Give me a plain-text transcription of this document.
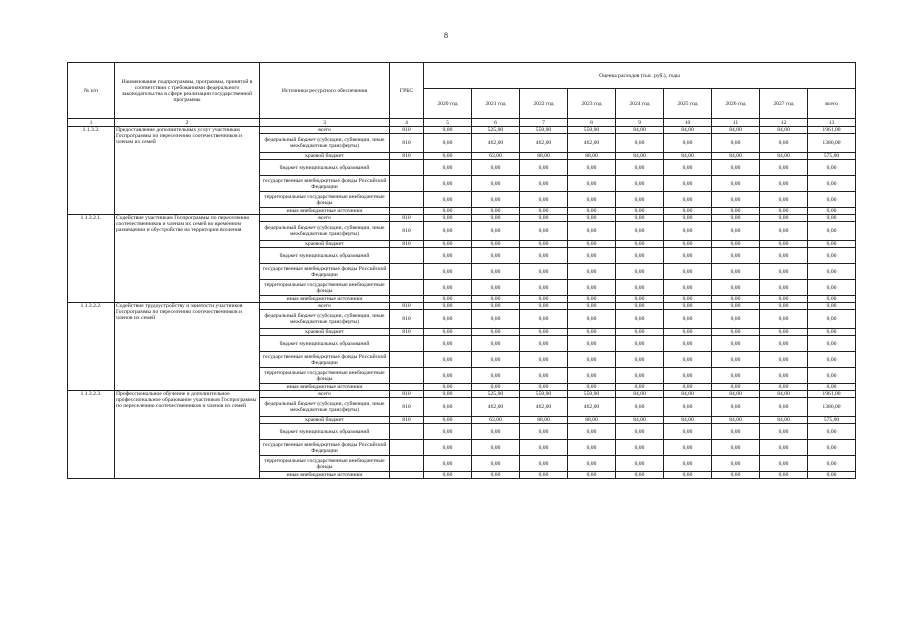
8
№ п/п	Наименование подпрограммы, программы, принятой в соответствии с требованиями федерального законодательства в сфере реализации государственной программы	Источники ресурсного обеспечения	ГРБС	Оценка расходов (тыс. руб.), годы								
				2020 год	2021 год	2022 год	2023 год	2024 год	2025 год	2026 год	2027 год	всего
1	2	3	4	5	6	7	8	9	10	11	12	13
1.1.3.2.	Предоставление дополнительных услуг участникам Госпрограммы по переселению соотечественников и членам их семей	всего	810	0,00	525,00	550,00	550,00	84,00	84,00	84,00	84,00	1961,00
		федеральный бюджет (субсидии, субвенции, иные межбюджетные трансферты)	810	0,00	462,00	462,00	462,00	0,00	0,00	0,00	0,00	1386,00
		краевой бюджет	810	0,00	63,00	88,00	88,00	84,00	84,00	84,00	84,00	575,00
		бюджет муниципальных образований		0,00	0,00	0,00	0,00	0,00	0,00	0,00	0,00	0,00
		государственные внебюджетные фонды Российской Федерации		0,00	0,00	0,00	0,00	0,00	0,00	0,00	0,00	0,00
		территориальные государственные внебюджетные фонды		0,00	0,00	0,00	0,00	0,00	0,00	0,00	0,00	0,00
		иные внебюджетные источники		0,00	0,00	0,00	0,00	0,00	0,00	0,00	0,00	0,00
1.1.3.2.1.	Содействие участникам Госпрограммы по переселению соотечественников и членам их семей во временном размещении и обустройстве на территории вселения	всего	810	0,00	0,00	0,00	0,00	0,00	0,00	0,00	0,00	0,00
		федеральный бюджет (субсидии, субвенции, иные межбюджетные трансферты)	810	0,00	0,00	0,00	0,00	0,00	0,00	0,00	0,00	0,00
		краевой бюджет	810	0,00	0,00	0,00	0,00	0,00	0,00	0,00	0,00	0,00
		бюджет муниципальных образований		0,00	0,00	0,00	0,00	0,00	0,00	0,00	0,00	0,00
		государственные внебюджетные фонды Российской Федерации		0,00	0,00	0,00	0,00	0,00	0,00	0,00	0,00	0,00
		территориальные государственные внебюджетные фонды		0,00	0,00	0,00	0,00	0,00	0,00	0,00	0,00	0,00
		иные внебюджетные источники		0,00	0,00	0,00	0,00	0,00	0,00	0,00	0,00	0,00
1.1.3.2.2.	Содействие трудоустройству и занятости участников Госпрограммы по переселению соотечественников и членов их семей	всего	810	0,00	0,00	0,00	0,00	0,00	0,00	0,00	0,00	0,00
		федеральный бюджет (субсидии, субвенции, иные межбюджетные трансферты)	810	0,00	0,00	0,00	0,00	0,00	0,00	0,00	0,00	0,00
		краевой бюджет	810	0,00	0,00	0,00	0,00	0,00	0,00	0,00	0,00	0,00
		бюджет муниципальных образований		0,00	0,00	0,00	0,00	0,00	0,00	0,00	0,00	0,00
		государственные внебюджетные фонды Российской Федерации		0,00	0,00	0,00	0,00	0,00	0,00	0,00	0,00	0,00
		территориальные государственные внебюджетные фонды		0,00	0,00	0,00	0,00	0,00	0,00	0,00	0,00	0,00
		иные внебюджетные источники		0,00	0,00	0,00	0,00	0,00	0,00	0,00	0,00	0,00
1.1.3.2.3.	Профессиональное обучение и дополнительное профессиональное образование участников Госпрограммы по переселению соотечественников и членов их семей	всего	810	0,00	525,00	550,00	550,00	84,00	84,00	84,00	84,00	1961,00
		федеральный бюджет (субсидии, субвенции, иные межбюджетные трансферты)	810	0,00	462,00	462,00	462,00	0,00	0,00	0,00	0,00	1386,00
		краевой бюджет	810	0,00	63,00	88,00	88,00	84,00	84,00	84,00	84,00	575,00
		бюджет муниципальных образований		0,00	0,00	0,00	0,00	0,00	0,00	0,00	0,00	0,00
		государственные внебюджетные фонды Российской Федерации		0,00	0,00	0,00	0,00	0,00	0,00	0,00	0,00	0,00
		территориальные государственные внебюджетные фонды		0,00	0,00	0,00	0,00	0,00	0,00	0,00	0,00	0,00
		иные внебюджетные источники		0,00	0,00	0,00	0,00	0,00	0,00	0,00	0,00	0,00
